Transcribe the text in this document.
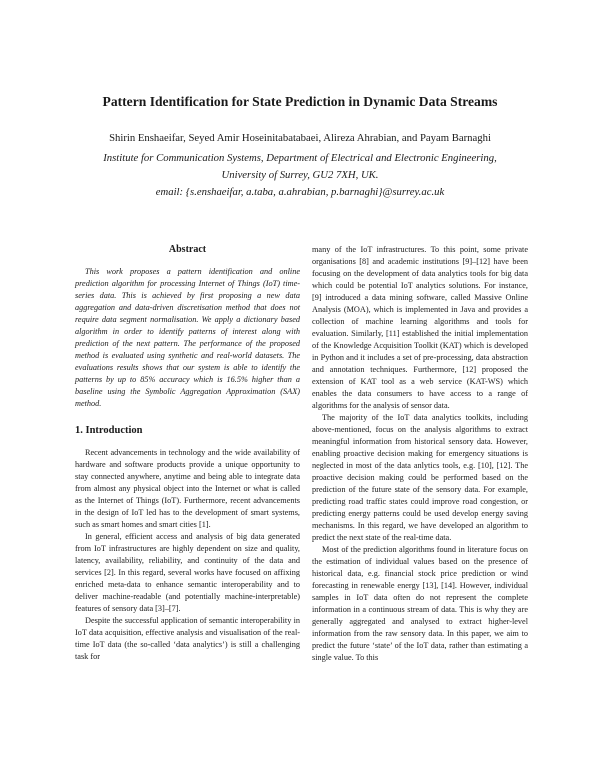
Pattern Identification for State Prediction in Dynamic Data Streams

Shirin Enshaeifar, Seyed Amir Hoseinitabatabaei, Alireza Ahrabian, and Payam Barnaghi

Institute for Communication Systems, Department of Electrical and Electronic Engineering,

University of Surrey, GU2 7XH, UK.

email: {s.enshaeifar, a.taba, a.ahrabian, p.barnaghi}@surrey.ac.uk

Abstract

This work proposes a pattern identification and online prediction algorithm for processing Internet of Things (IoT) time-series data. This is achieved by first proposing a new data aggregation and data-driven discretisation method that does not require data segment normalisation. We apply a dictionary based algorithm in order to identify patterns of interest along with prediction of the next pattern. The performance of the proposed method is evaluated using synthetic and real-world datasets. The evaluations results shows that our system is able to identify the patterns by up to 85% accuracy which is 16.5% higher than a baseline using the Symbolic Aggregation Approximation (SAX) method.

1. Introduction

Recent advancements in technology and the wide availability of hardware and software products provide a unique opportunity to stay connected anywhere, anytime and being able to integrate data from almost any physical object into the Internet or what is called as the Internet of Things (IoT). Furthermore, recent advancements in the design of IoT led has to the development of smart systems, such as smart homes and smart cities [1].

In general, efficient access and analysis of big data generated from IoT infrastructures are highly dependent on size and quality, latency, availability, reliability, and continuity of the data and services [2]. In this regard, several works have focused on affixing enriched meta-data to enhance semantic interoperability and to deliver machine-readable (and potentially machine-interpretable) features of sensory data [3]–[7].

Despite the successful application of semantic interoperability in IoT data acquisition, effective analysis and visualisation of the real-time IoT data (the so-called ‘data analytics’) is still a challenging task for

many of the IoT infrastructures. To this point, some private organisations [8] and academic institutions [9]–[12] have been focusing on the development of data analytics tools for big data which could be potential IoT analytics solutions. For instance, [9] introduced a data mining software, called Massive Online Analysis (MOA), which is implemented in Java and provides a collection of machine learning algorithms and tools for evaluation. Similarly, [11] established the initial implementation of the Knowledge Acquisition Toolkit (KAT) which is developed in Python and it includes a set of pre-processing, data abstraction and annotation techniques. Furthermore, [12] proposed the extension of KAT tool as a web service (KAT-WS) which enables the data consumers to have access to a range of algorithms for the analysis of sensor data.

The majority of the IoT data analytics toolkits, including above-mentioned, focus on the analysis algorithms to extract meaningful information from historical sensory data. However, enabling proactive decision making for emergency situations is neglected in most of the data anlytics tools, e.g. [10], [12]. The proactive decision making could be performed based on the prediction of the future state of the sensory data. For example, predicting road traffic states could improve road congestion, or predicting energy patterns could be used develop energy saving mechanisms. In this regard, we have developed an algorithm to predict the next state of the real-time data.

Most of the prediction algorithms found in literature focus on the estimation of individual values based on the presence of historical data, e.g. financial stock price prediction or wind forecasting in renewable energy [13], [14]. However, individual samples in IoT data often do not represent the complete information in a continuous stream of data. This is why they are generally aggregated and analysed to extract higher-level information from the raw sensory data. In this paper, we aim to predict the future ‘state’ of the IoT data, rather than estimating a single value. To this
